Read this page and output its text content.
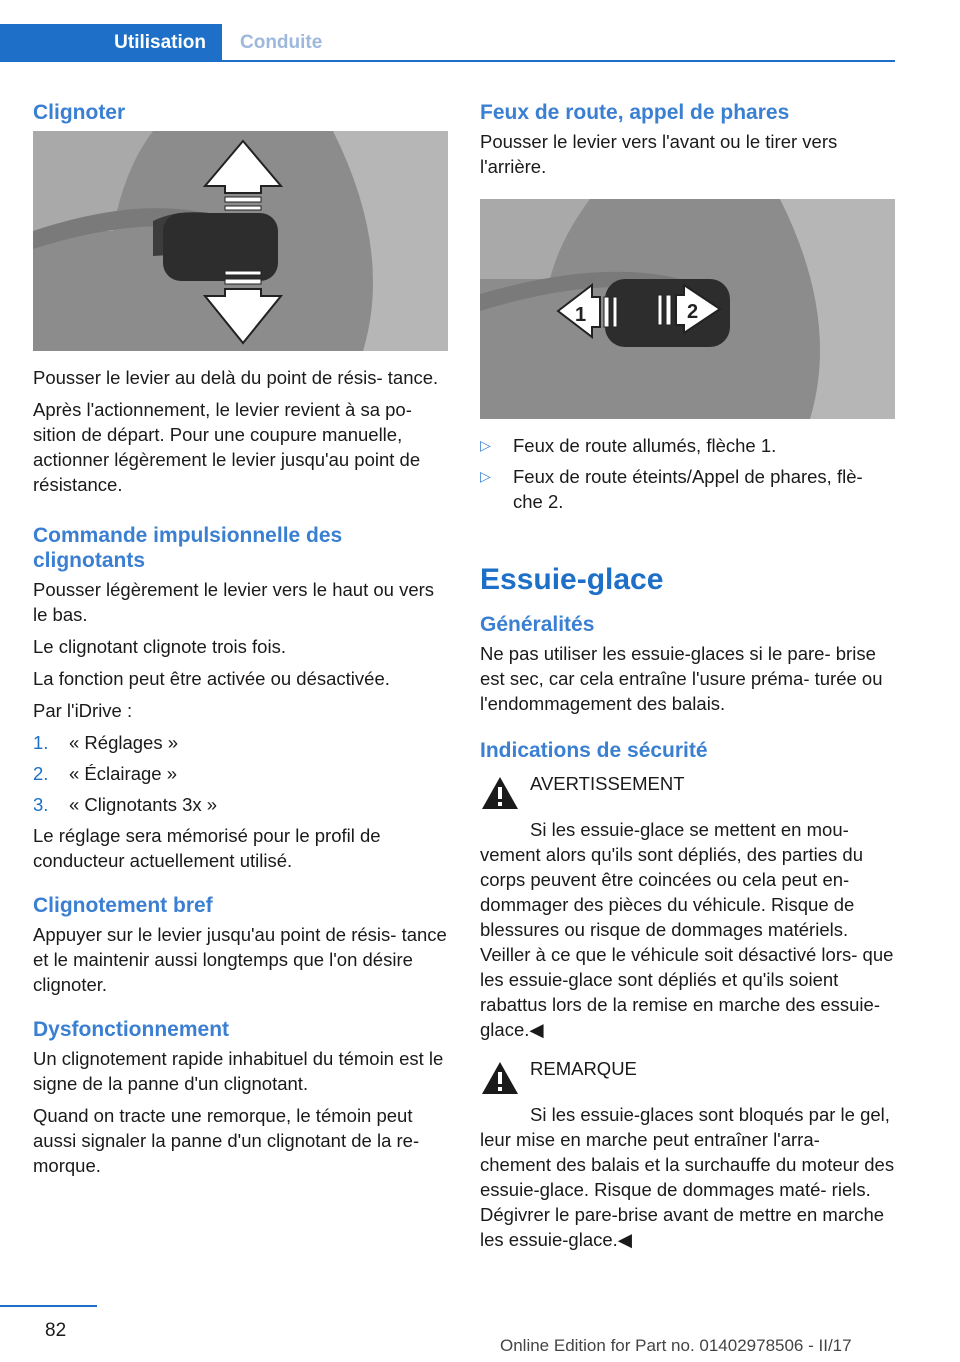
Utilisation	Conduite
Clignoter

Pousser le levier au delà du point de résis‐ tance.

Après l'actionnement, le levier revient à sa po‐ sition de départ. Pour une coupure manuelle, actionner légèrement le levier jusqu'au point de résistance.

Commande impulsionnelle des clignotants

Pousser légèrement le levier vers le haut ou vers le bas.

Le clignotant clignote trois fois.

La fonction peut être activée ou désactivée.

Par l'iDrive :

1.	« Réglages »
2.	« Éclairage »
3.	« Clignotants 3x »

Le réglage sera mémorisé pour le profil de conducteur actuellement utilisé.

Clignotement bref

Appuyer sur le levier jusqu'au point de résis‐ tance et le maintenir aussi longtemps que l'on désire clignoter.

Dysfonctionnement

Un clignotement rapide inhabituel du témoin est le signe de la panne d'un clignotant.

Quand on tracte une remorque, le témoin peut aussi signaler la panne d'un clignotant de la re‐ morque.

Feux de route, appel de phares

Pousser le levier vers l'avant ou le tirer vers l'arrière.

1	2
▷	Feux de route allumés, flèche 1.
▷	Feux de route éteints/Appel de phares, flè‐ che 2.
Essuie-glace
Généralités

Ne pas utiliser les essuie-glaces si le pare- brise est sec, car cela entraîne l'usure préma‐ turée ou l'endommagement des balais.

Indications de sécurité
AVERTISSEMENT

Si les essuie-glace se mettent en mou‐ vement alors qu'ils sont dépliés, des parties du corps peuvent être coincées ou cela peut en‐ dommager des pièces du véhicule. Risque de blessures ou risque de dommages matériels. Veiller à ce que le véhicule soit désactivé lors‐ que les essuie-glace sont dépliés et qu'ils soient rabattus lors de la remise en marche des essuie-glace.◀

REMARQUE

Si les essuie-glaces sont bloqués par le gel, leur mise en marche peut entraîner l'arra‐ chement des balais et la surchauffe du moteur des essuie-glace. Risque de dommages maté‐ riels. Dégivrer le pare-brise avant de mettre en marche les essuie-glace.◀

82
Online Edition for Part no. 01402978506 - II/17
